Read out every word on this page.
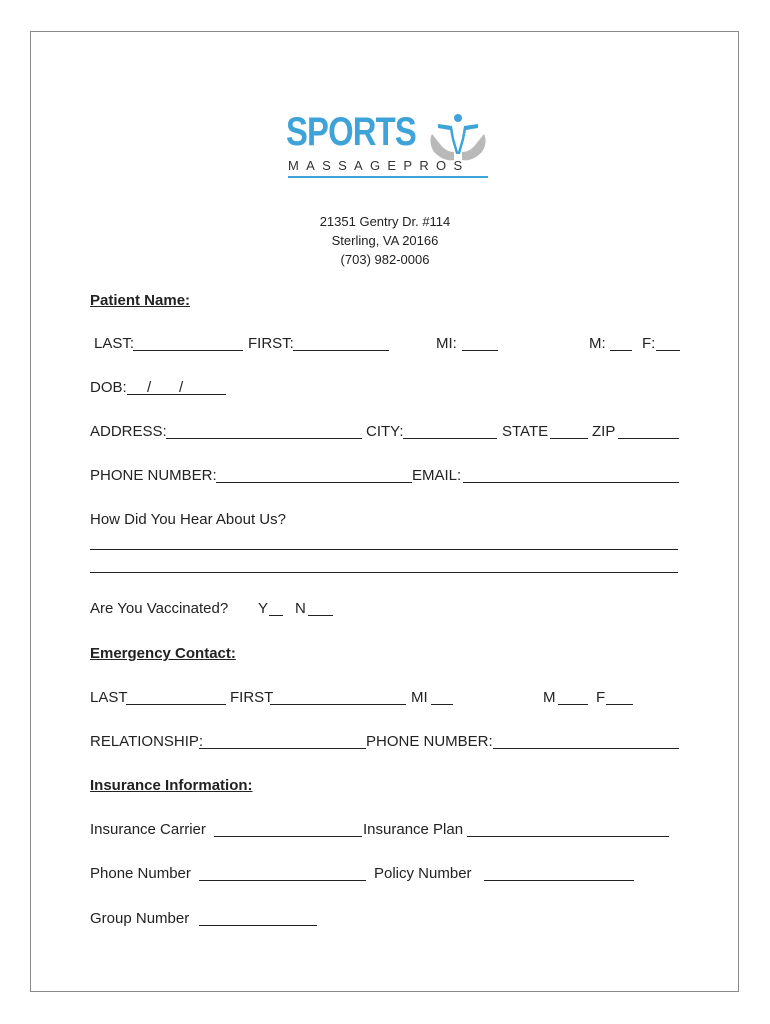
SPORTS
MASSAGEPROS
21351 Gentry Dr. #114
Sterling, VA 20166
(703) 982-0006
Patient Name:
LAST:	FIRST:	MI:	M: F:
DOB: / /
ADDRESS:	CITY:	STATE	ZIP
PHONE NUMBER:	EMAIL:
How Did You Hear About Us?
Are You Vaccinated? Y N
Emergency Contact:
LAST	FIRST	MI	M	F
RELATIONSHIP:	PHONE NUMBER:
Insurance Information:
Insurance Carrier	Insurance Plan
Phone Number	Policy Number
Group Number
